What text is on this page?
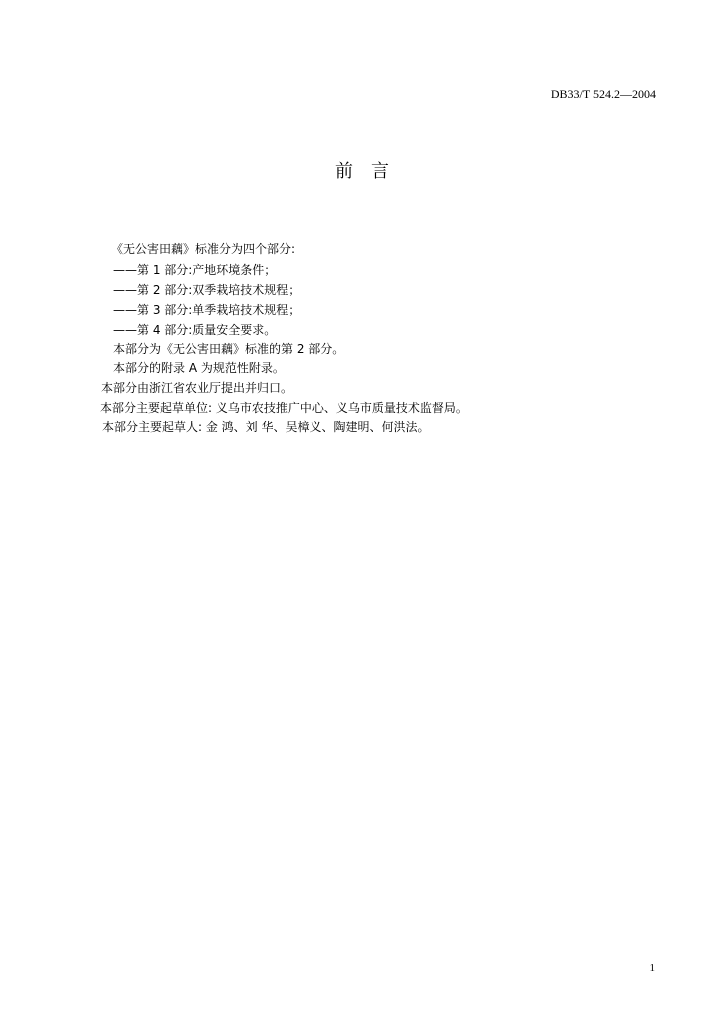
DB33/T 524.2—2004
前言
《无公害田藕》标准分为四个部分:
——第 1 部分:产地环境条件；
——第 2 部分:双季栽培技术规程；
——第 3 部分:单季栽培技术规程；
——第 4 部分:质量安全要求。
本部分为《无公害田藕》标准的第 2 部分。
本部分的附录 A 为规范性附录。
本部分由浙江省农业厅提出并归口。
本部分主要起草单位: 义乌市农技推广中心、义乌市质量技术监督局。
本部分主要起草人: 金 鸿、刘 华、吴樟义、陶建明、何洪法。
1
